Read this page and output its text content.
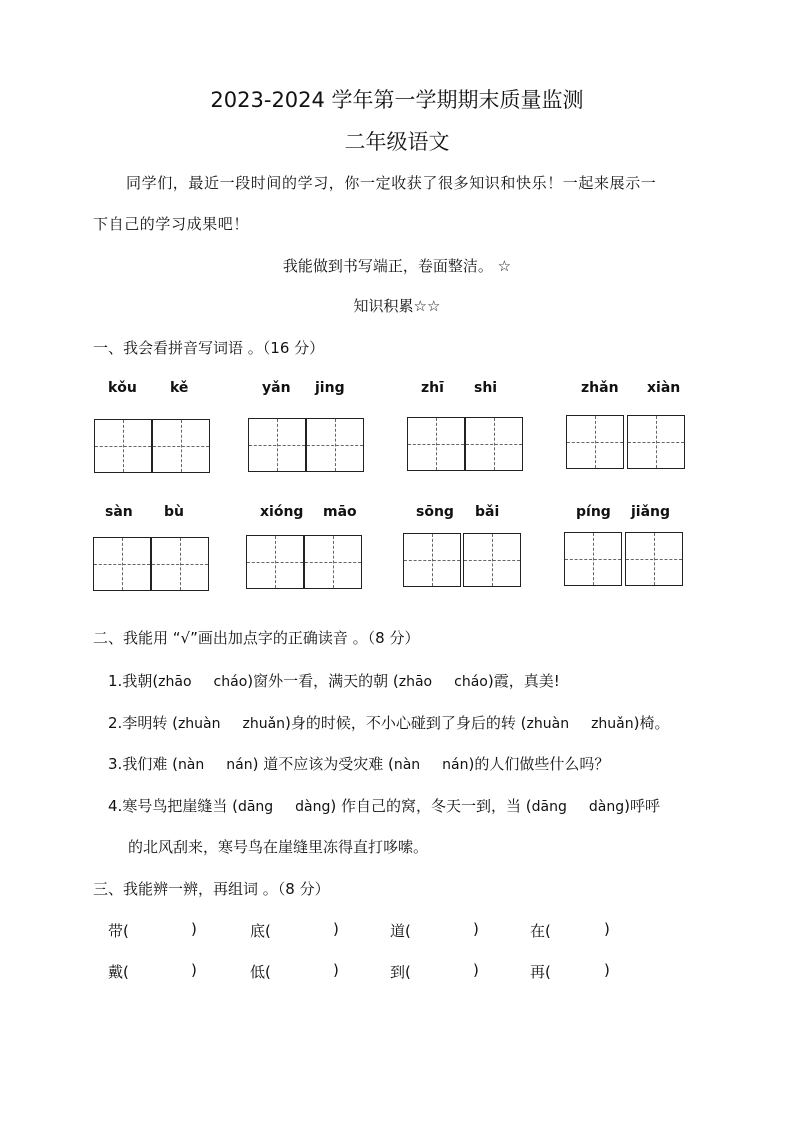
2023-2024 学年第一学期期末质量监测
二年级语文
同学们，最近一段时间的学习，你一定收获了很多知识和快乐！一起来展示一
下自己的学习成果吧！
我能做到书写端正，卷面整洁。 ☆
知识积累☆☆
一、我会看拼音写词语 。（16 分）
kǒu kě	yǎn jing	zhī shi	zhǎn xiàn
sàn bù	xióng māo	sōng bǎi	píng jiǎng
二、我能用 “√”画出加点字的正确读音 。（8 分）
1.我朝(zhāo cháo)窗外一看，满天的朝 (zhāo cháo)霞，真美!
2.李明转 (zhuàn zhuǎn)身的时候，不小心碰到了身后的转 (zhuàn zhuǎn)椅。
3.我们难 (nàn nán) 道不应该为受灾难 (nàn nán)的人们做些什么吗？
4.寒号鸟把崖缝当 (dāng dàng) 作自己的窝，冬天一到，当 (dāng dàng)呼呼
的北风刮来，寒号鸟在崖缝里冻得直打哆嗦。
三、我能辨一辨，再组词 。（8 分）
带(	)	底(	)	道(	)	在(	)
戴(	)	低(	)	到(	)	再(	)
